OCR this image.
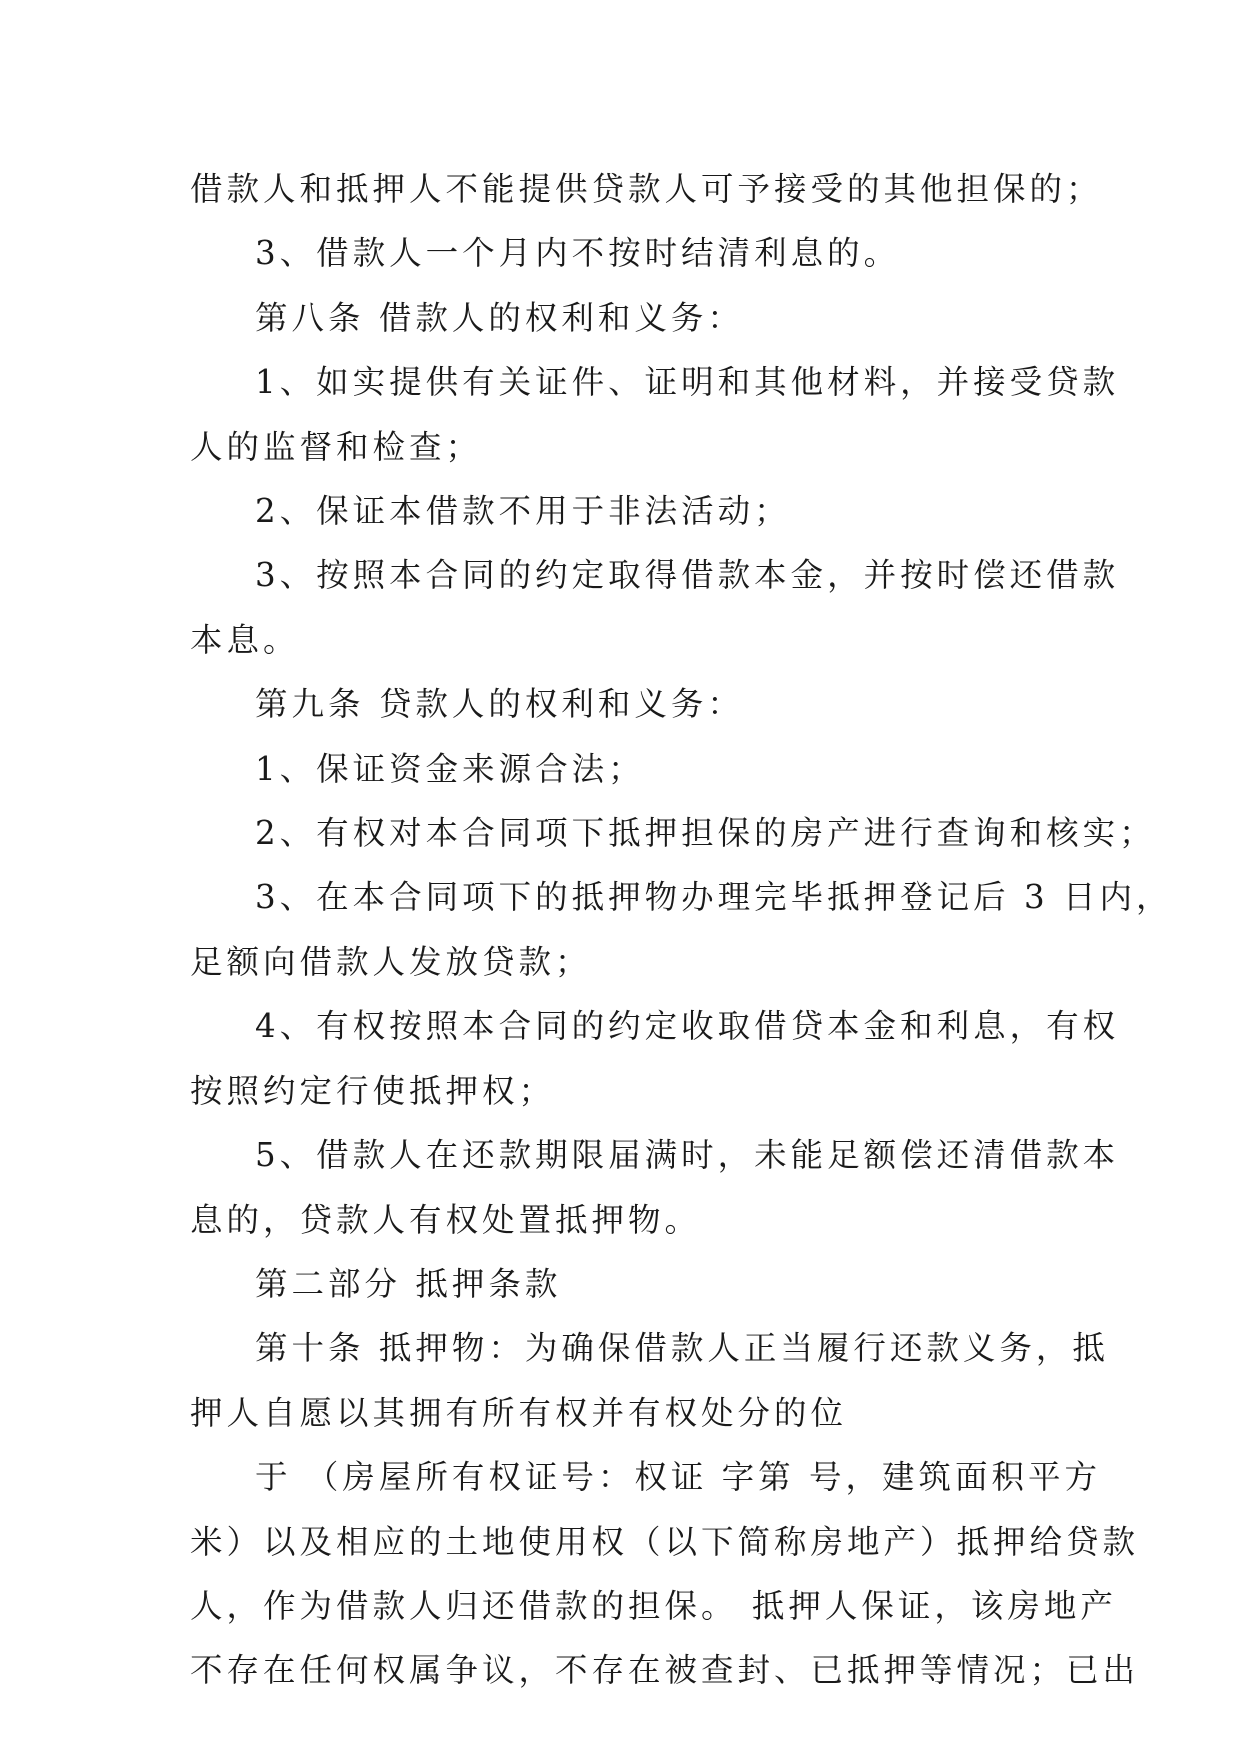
借款人和抵押人不能提供贷款人可予接受的其他担保的；

3、借款人一个月内不按时结清利息的。

第八条 借款人的权利和义务：

1、如实提供有关证件、证明和其他材料，并接受贷款

人的监督和检查；

2、保证本借款不用于非法活动；

3、按照本合同的约定取得借款本金，并按时偿还借款

本息。

第九条 贷款人的权利和义务：

1、保证资金来源合法；

2、有权对本合同项下抵押担保的房产进行查询和核实；

3、在本合同项下的抵押物办理完毕抵押登记后 3 日内，

足额向借款人发放贷款；

4、有权按照本合同的约定收取借贷本金和利息，有权

按照约定行使抵押权；

5、借款人在还款期限届满时，未能足额偿还清借款本

息的，贷款人有权处置抵押物。

第二部分 抵押条款

第十条 抵押物：为确保借款人正当履行还款义务，抵

押人自愿以其拥有所有权并有权处分的位

于 （房屋所有权证号：权证 字第 号，建筑面积平方

米）以及相应的土地使用权（以下简称房地产）抵押给贷款

人，作为借款人归还借款的担保。 抵押人保证，该房地产

不存在任何权属争议，不存在被查封、已抵押等情况；已出
